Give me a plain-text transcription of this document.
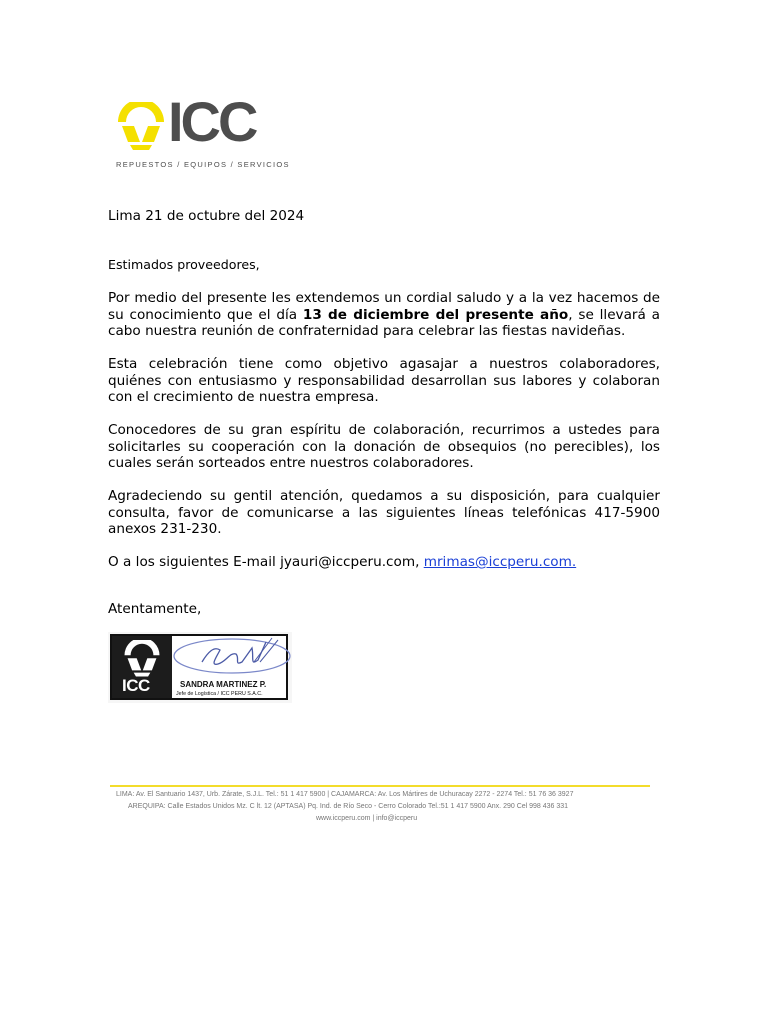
ICC
REPUESTOS / EQUIPOS / SERVICIOS
Lima 21 de octubre del 2024
Estimados proveedores,
Por medio del presente les extendemos un cordial saludo y a la vez hacemos de su conocimiento que el día 13 de diciembre del presente año, se llevará a cabo nuestra reunión de confraternidad para celebrar las fiestas navideñas.
Esta celebración tiene como objetivo agasajar a nuestros colaboradores, quiénes con entusiasmo y responsabilidad desarrollan sus labores y colaboran con el crecimiento de nuestra empresa.
Conocedores de su gran espíritu de colaboración, recurrimos a ustedes para solicitarles su cooperación con la donación de obsequios (no perecibles), los cuales serán sorteados entre nuestros colaboradores.
Agradeciendo su gentil atención, quedamos a su disposición, para cualquier consulta, favor de comunicarse a las siguientes líneas telefónicas 417-5900 anexos 231-230.
O a los siguientes E-mail jyauri@iccperu.com, mrimas@iccperu.com.
Atentamente,
ICC	SANDRA MARTINEZ P.
Jefe de Logística / ICC PERU S.A.C.
LIMA: Av. El Santuario 1437, Urb. Zárate, S.J.L. Tel.: 51 1 417 5900 | CAJAMARCA: Av. Los Mártires de Uchuracay 2272 - 2274 Tel.: 51 76 36 3927
AREQUIPA: Calle Estados Unidos Mz. C lt. 12 (APTASA) Pq. Ind. de Río Seco - Cerro Colorado Tel.:51 1 417 5900 Anx. 290 Cel 998 436 331
www.iccperu.com | info@iccperu
